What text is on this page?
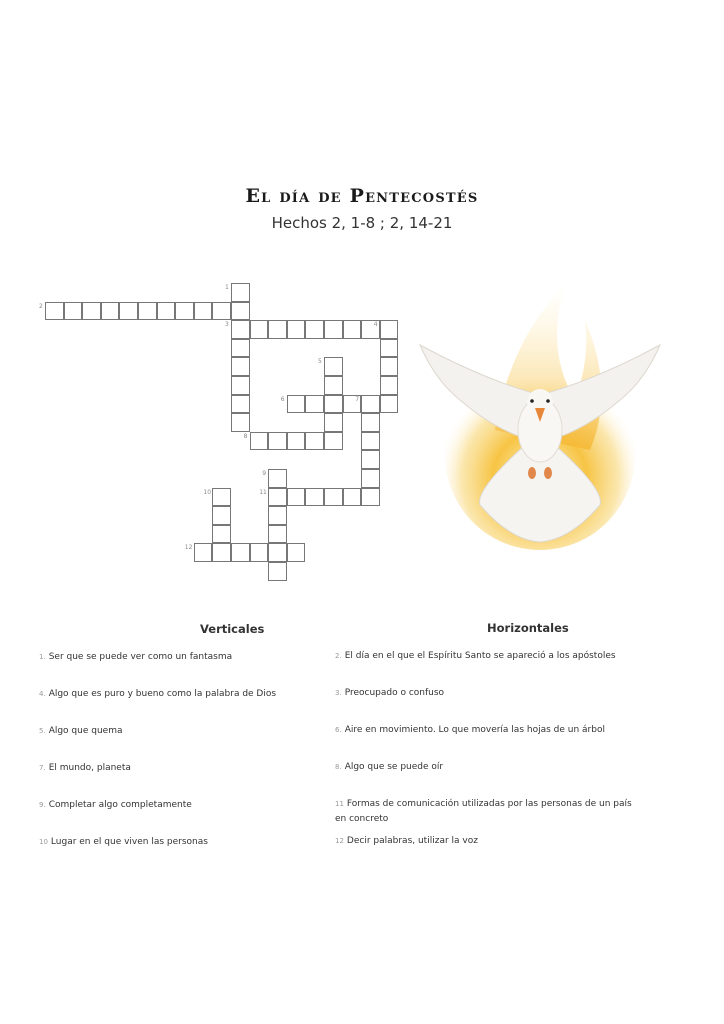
El día de Pentecostés
Hechos 2, 1-8 ; 2, 14-21
1
2
3	4
5
6	7
8
9
10	11
12
Verticales	Horizontales
1. Ser que se puede ver como un fantasma
4. Algo que es puro y bueno como la palabra de Dios
5. Algo que quema
7. El mundo, planeta
9. Completar algo completamente
10 Lugar en el que viven las personas
2. El día en el que el Espíritu Santo se apareció a los apóstoles
3. Preocupado o confuso
6. Aire en movimiento. Lo que movería las hojas de un árbol
8. Algo que se puede oír
11 Formas de comunicación utilizadas por las personas de un país en concreto
12 Decir palabras, utilizar la voz
